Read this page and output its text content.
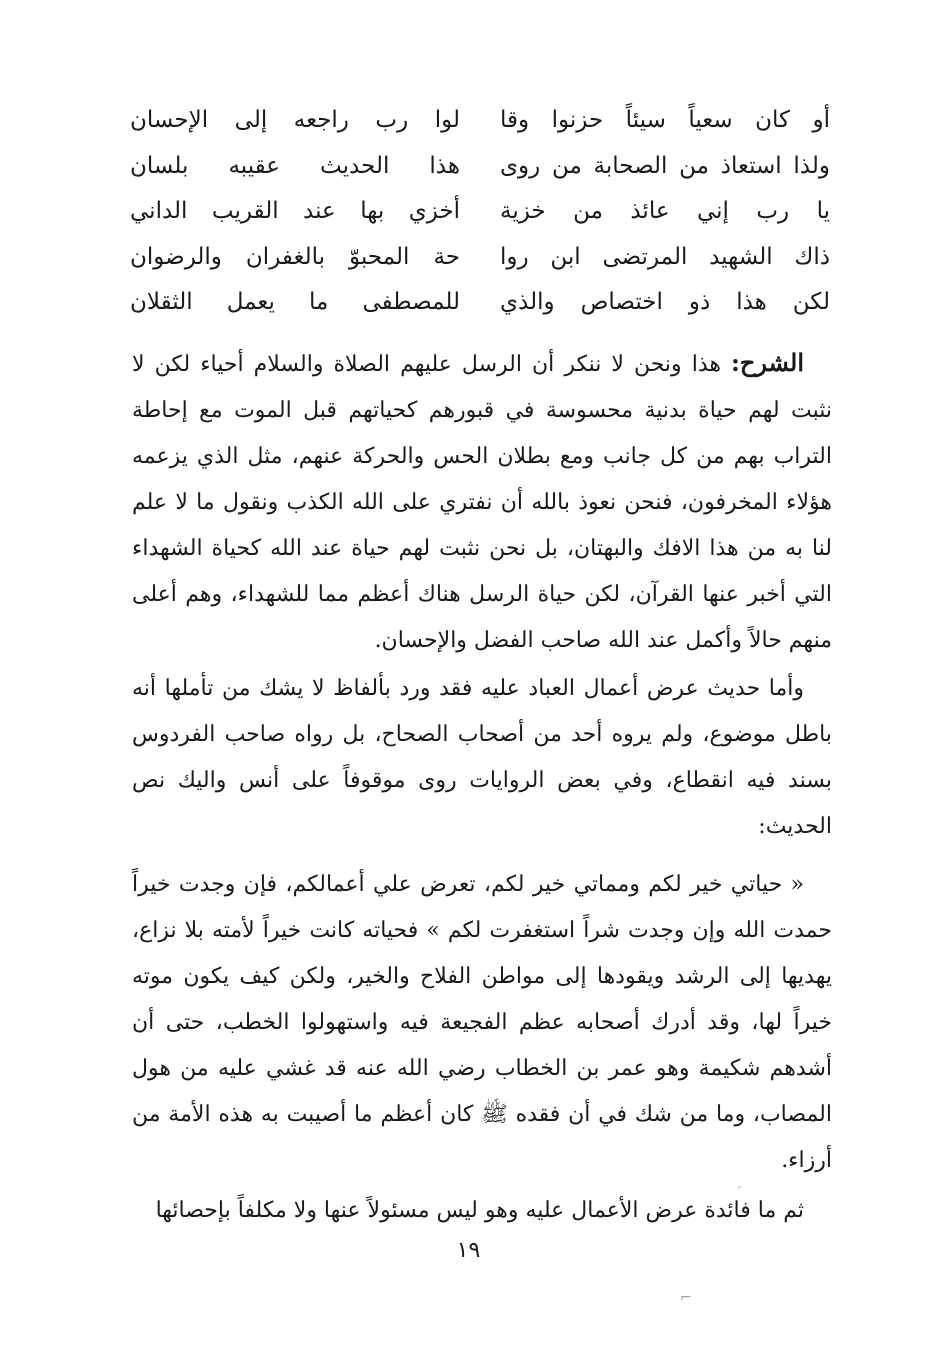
أو كان سعياً سيئاً حزنوا وقا
لوا رب راجعه إلى الإحسان
ولذا استعاذ من الصحابة من روى
هذا الحديث عقيبه بلسان
يا رب إني عائذ من خزية
أخزي بها عند القريب الداني
ذاك الشهيد المرتضى ابن روا
حة المحبوّ بالغفران والرضوان
لكن هذا ذو اختصاص والذي
للمصطفى ما يعمل الثقلان
الشرح: هذا ونحن لا ننكر أن الرسل عليهم الصلاة والسلام أحياء لكن لا نثبت لهم حياة بدنية محسوسة في قبورهم كحياتهم قبل الموت مع إحاطة التراب بهم من كل جانب ومع بطلان الحس والحركة عنهم، مثل الذي يزعمه هؤلاء المخرفون، فنحن نعوذ بالله أن نفتري على الله الكذب ونقول ما لا علم لنا به من هذا الافك والبهتان، بل نحن نثبت لهم حياة عند الله كحياة الشهداء التي أخبر عنها القرآن، لكن حياة الرسل هناك أعظم مما للشهداء، وهم أعلى منهم حالاً وأكمل عند الله صاحب الفضل والإحسان.
وأما حديث عرض أعمال العباد عليه فقد ورد بألفاظ لا يشك من تأملها أنه باطل موضوع، ولم يروه أحد من أصحاب الصحاح، بل رواه صاحب الفردوس بسند فيه انقطاع، وفي بعض الروايات روى موقوفاً على أنس واليك نص الحديث:
« حياتي خير لكم ومماتي خير لكم، تعرض علي أعمالكم، فإن وجدت خيراً حمدت الله وإن وجدت شراً استغفرت لكم » فحياته كانت خيراً لأمته بلا نزاع، يهديها إلى الرشد ويقودها إلى مواطن الفلاح والخير، ولكن كيف يكون موته خيراً لها، وقد أدرك أصحابه عظم الفجيعة فيه واستهولوا الخطب، حتى أن أشدهم شكيمة وهو عمر بن الخطاب رضي الله عنه قد غشي عليه من هول المصاب، وما من شك في أن فقده ﷺ كان أعظم ما أصيبت به هذه الأمة من أرزاء.
ثم ما فائدة عرض الأعمال عليه وهو ليس مسئولاً عنها ولا مكلفاً بإحصائها
١٩
ˊ
⌐
